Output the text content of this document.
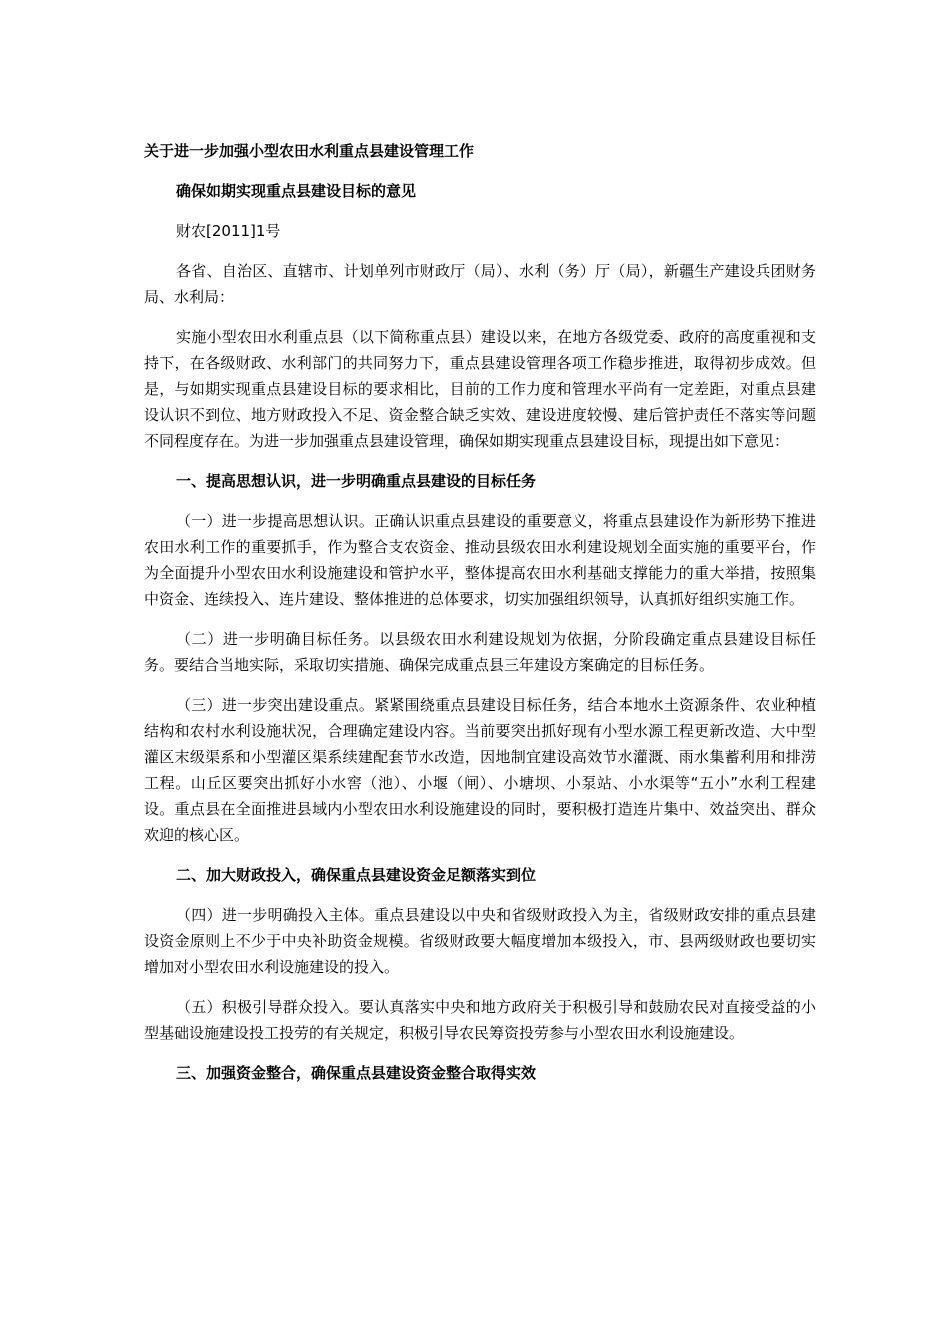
关于进一步加强小型农田水利重点县建设管理工作
确保如期实现重点县建设目标的意见
财农[2011]1号

各省、自治区、直辖市、计划单列市财政厅（局）、水利（务）厅（局），新疆生产建设兵团财务局、水利局：

实施小型农田水利重点县（以下简称重点县）建设以来，在地方各级党委、政府的高度重视和支持下，在各级财政、水利部门的共同努力下，重点县建设管理各项工作稳步推进，取得初步成效。但是，与如期实现重点县建设目标的要求相比，目前的工作力度和管理水平尚有一定差距，对重点县建设认识不到位、地方财政投入不足、资金整合缺乏实效、建设进度较慢、建后管护责任不落实等问题不同程度存在。为进一步加强重点县建设管理，确保如期实现重点县建设目标，现提出如下意见：

一、提高思想认识，进一步明确重点县建设的目标任务

（一）进一步提高思想认识。正确认识重点县建设的重要意义，将重点县建设作为新形势下推进农田水利工作的重要抓手，作为整合支农资金、推动县级农田水利建设规划全面实施的重要平台，作为全面提升小型农田水利设施建设和管护水平，整体提高农田水利基础支撑能力的重大举措，按照集中资金、连续投入、连片建设、整体推进的总体要求，切实加强组织领导，认真抓好组织实施工作。

（二）进一步明确目标任务。以县级农田水利建设规划为依据，分阶段确定重点县建设目标任务。要结合当地实际，采取切实措施、确保完成重点县三年建设方案确定的目标任务。

（三）进一步突出建设重点。紧紧围绕重点县建设目标任务，结合本地水土资源条件、农业种植结构和农村水利设施状况，合理确定建设内容。当前要突出抓好现有小型水源工程更新改造、大中型灌区末级渠系和小型灌区渠系续建配套节水改造，因地制宜建设高效节水灌溉、雨水集蓄利用和排涝工程。山丘区要突出抓好小水窖（池）、小堰（闸）、小塘坝、小泵站、小水渠等“五小”水利工程建设。重点县在全面推进县域内小型农田水利设施建设的同时，要积极打造连片集中、效益突出、群众欢迎的核心区。

二、加大财政投入，确保重点县建设资金足额落实到位

（四）进一步明确投入主体。重点县建设以中央和省级财政投入为主，省级财政安排的重点县建设资金原则上不少于中央补助资金规模。省级财政要大幅度增加本级投入，市、县两级财政也要切实增加对小型农田水利设施建设的投入。

（五）积极引导群众投入。要认真落实中央和地方政府关于积极引导和鼓励农民对直接受益的小型基础设施建设投工投劳的有关规定，积极引导农民筹资投劳参与小型农田水利设施建设。

三、加强资金整合，确保重点县建设资金整合取得实效
